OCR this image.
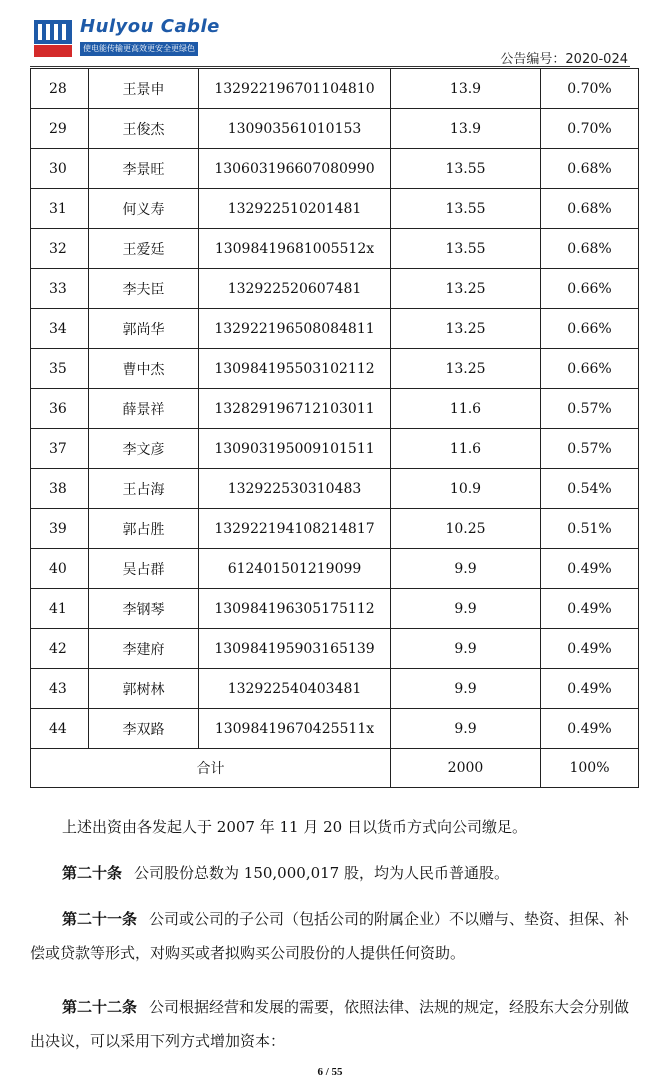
Hulyou Cable
使电能传输更高效更安全更绿色
公告编号：2020-024
28	王景申	132922196701104810	13.9	0.70%
29	王俊杰	130903561010153	13.9	0.70%
30	李景旺	130603196607080990	13.55	0.68%
31	何义寿	132922510201481	13.55	0.68%
32	王爱廷	13098419681005512x	13.55	0.68%
33	李夫臣	132922520607481	13.25	0.66%
34	郭尚华	132922196508084811	13.25	0.66%
35	曹中杰	130984195503102112	13.25	0.66%
36	薛景祥	132829196712103011	11.6	0.57%
37	李文彦	130903195009101511	11.6	0.57%
38	王占海	132922530310483	10.9	0.54%
39	郭占胜	132922194108214817	10.25	0.51%
40	吴占群	612401501219099	9.9	0.49%
41	李钢琴	130984196305175112	9.9	0.49%
42	李建府	130984195903165139	9.9	0.49%
43	郭树林	132922540403481	9.9	0.49%
44	李双路	13098419670425511x	9.9	0.49%
合计			2000	100%
上述出资由各发起人于 2007 年 11 月 20 日以货币方式向公司缴足。
第二十条 公司股份总数为 150,000,017 股，均为人民币普通股。
第二十一条 公司或公司的子公司（包括公司的附属企业）不以赠与、垫资、担保、补偿或贷款等形式，对购买或者拟购买公司股份的人提供任何资助。
第二十二条 公司根据经营和发展的需要，依照法律、法规的规定，经股东大会分别做出决议，可以采用下列方式增加资本：
6 / 55
